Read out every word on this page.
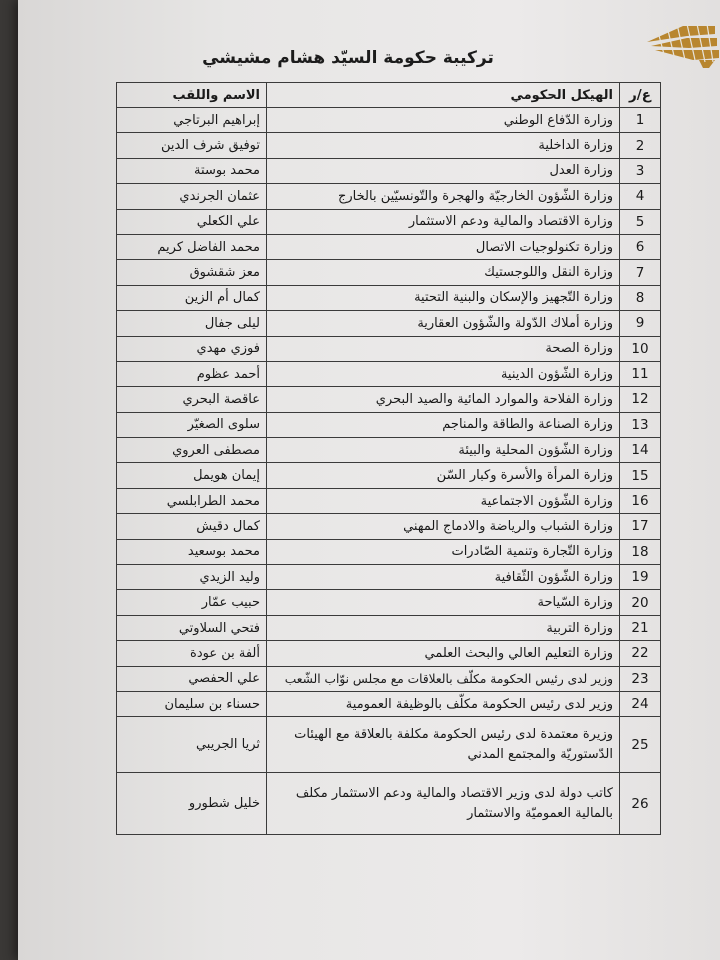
تركيبة حكومة السيّد هشام مشيشي
ع/ر	الهيكل الحكومي	الاسم واللقب
1	وزارة الدّفاع الوطني	إبراهيم البرتاجي
2	وزارة الداخلية	توفيق شرف الدين
3	وزارة العدل	محمد بوستة
4	وزارة الشّؤون الخارجيّة والهجرة والتّونسيّين بالخارج	عثمان الجرندي
5	وزارة الاقتصاد والمالية ودعم الاستثمار	علي الكعلي
6	وزارة تكنولوجيات الاتصال	محمد الفاضل كريم
7	وزارة النقل واللوجستيك	معز شقشوق
8	وزارة التّجهيز والإسكان والبنية التحتية	كمال أم الزين
9	وزارة أملاك الدّولة والشّؤون العقارية	ليلى جفال
10	وزارة الصحة	فوزي مهدي
11	وزارة الشّؤون الدينية	أحمد عظوم
12	وزارة الفلاحة والموارد المائية والصيد البحري	عاقصة البحري
13	وزارة الصناعة والطاقة والمناجم	سلوى الصغيّر
14	وزارة الشّؤون المحلية والبيئة	مصطفى العروي
15	وزارة المرأة والأسرة وكبار السّن	إيمان هويمل
16	وزارة الشّؤون الاجتماعية	محمد الطرابلسي
17	وزارة الشباب والرياضة والادماج المهني	كمال دقيش
18	وزارة التّجارة وتنمية الصّادرات	محمد بوسعيد
19	وزارة الشّؤون الثّقافية	وليد الزيدي
20	وزارة السّياحة	حبيب عمّار
21	وزارة التربية	فتحي السلاوتي
22	وزارة التعليم العالي والبحث العلمي	ألفة بن عودة
23	وزير لدى رئيس الحكومة مكلّف بالعلاقات مع مجلس نوّاب الشّعب	علي الحفصي
24	وزير لدى رئيس الحكومة مكلّف بالوظيفة العمومية	حسناء بن سليمان
25	وزيرة معتمدة لدى رئيس الحكومة مكلفة بالعلاقة مع الهيئات الدّستوريّة والمجتمع المدني	ثريا الجريبي
26	كاتب دولة لدى وزير الاقتصاد والمالية ودعم الاستثمار مكلف بالمالية العموميّة والاستثمار	خليل شطورو
